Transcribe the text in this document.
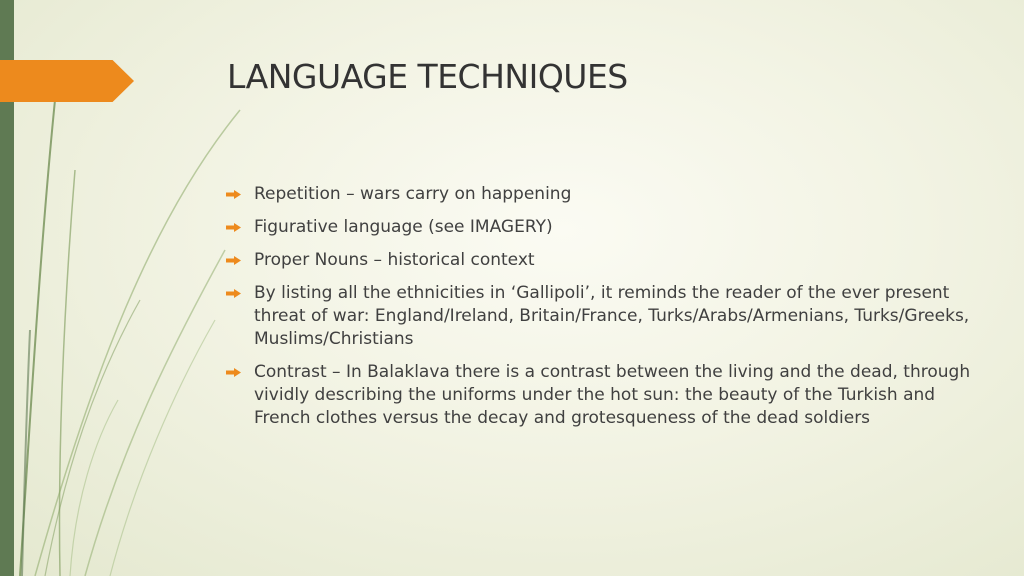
LANGUAGE TECHNIQUES
Repetition – wars carry on happening
Figurative language (see IMAGERY)
Proper Nouns – historical context
By listing all the ethnicities in ‘Gallipoli’, it reminds the reader of the ever present threat of war: England/Ireland, Britain/France, Turks/Arabs/Armenians, Turks/Greeks, Muslims/Christians
Contrast – In Balaklava there is a contrast between the living and the dead, through vividly describing the uniforms under the hot sun: the beauty of the Turkish and French clothes versus the decay and grotesqueness of the dead soldiers
